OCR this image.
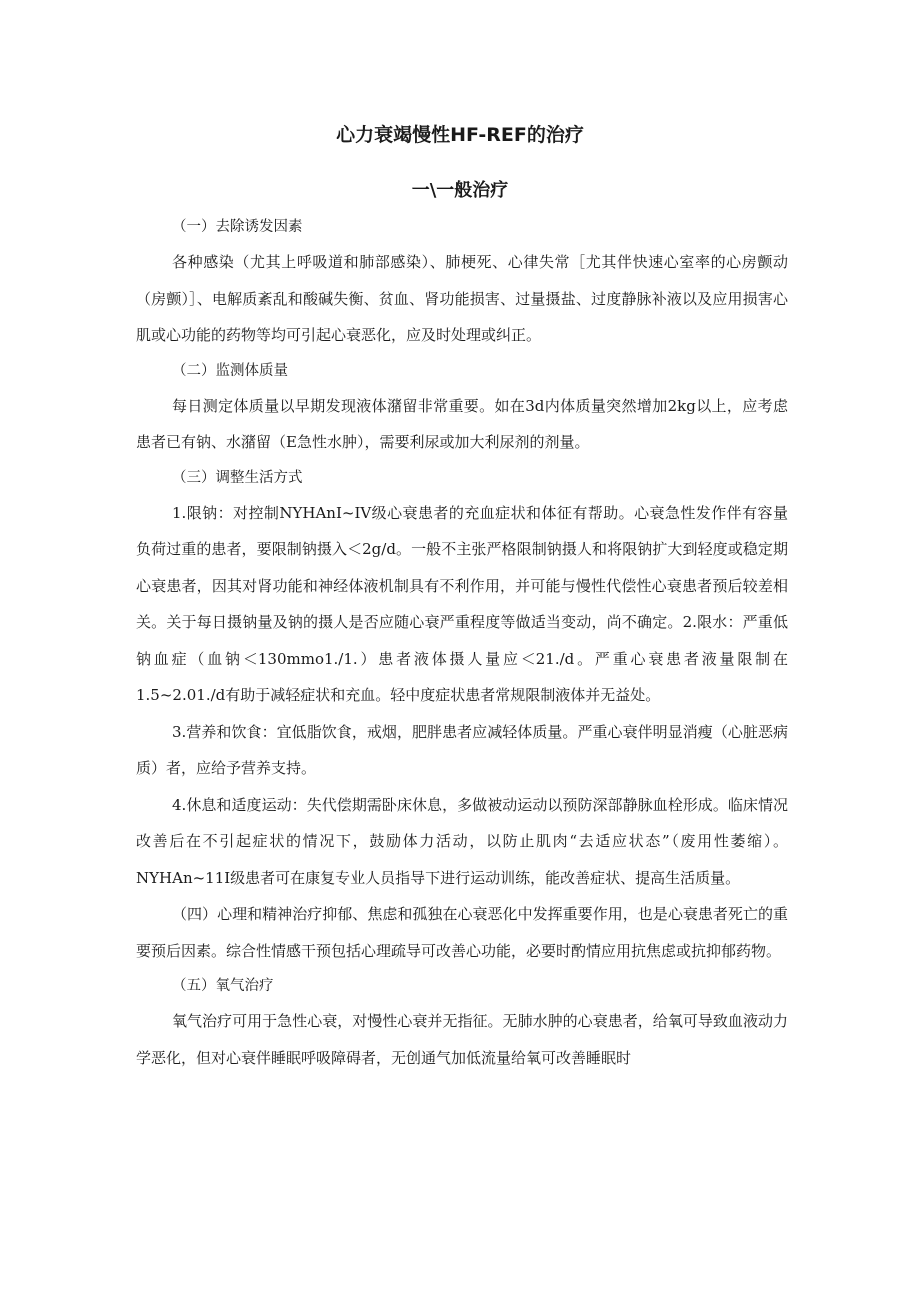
心力衰竭慢性HF-REF的治疗
一\一般治疗

（一）去除诱发因素

各种感染（尤其上呼吸道和肺部感染）、肺梗死、心律失常［尤其伴快速心室率的心房颤动（房颤）］、电解质紊乱和酸碱失衡、贫血、肾功能损害、过量摄盐、过度静脉补液以及应用损害心肌或心功能的药物等均可引起心衰恶化，应及时处理或纠正。

（二）监测体质量

每日测定体质量以早期发现液体潴留非常重要。如在3d内体质量突然增加2kg以上，应考虑患者已有钠、水潴留（E急性水肿），需要利尿或加大利尿剂的剂量。

（三）调整生活方式

1.限钠：对控制NYHAnI~IV级心衰患者的充血症状和体征有帮助。心衰急性发作伴有容量负荷过重的患者，要限制钠摄入＜2g/d。一般不主张严格限制钠摄人和将限钠扩大到轻度或稳定期心衰患者，因其对肾功能和神经体液机制具有不利作用，并可能与慢性代偿性心衰患者预后较差相关。关于每日摄钠量及钠的摄人是否应随心衰严重程度等做适当变动，尚不确定。2.限水：严重低钠血症（血钠＜130mmo1./1.）患者液体摄人量应＜21./d。严重心衰患者液量限制在1.5~2.01./d有助于减轻症状和充血。轻中度症状患者常规限制液体并无益处。

3.营养和饮食：宜低脂饮食，戒烟，肥胖患者应减轻体质量。严重心衰伴明显消瘦（心脏恶病质）者，应给予营养支持。

4.休息和适度运动：失代偿期需卧床休息，多做被动运动以预防深部静脉血栓形成。临床情况改善后在不引起症状的情况下，鼓励体力活动，以防止肌肉“去适应状态”（废用性萎缩）。NYHAn~11I级患者可在康复专业人员指导下进行运动训练，能改善症状、提高生活质量。

（四）心理和精神治疗抑郁、焦虑和孤独在心衰恶化中发挥重要作用，也是心衰患者死亡的重要预后因素。综合性情感干预包括心理疏导可改善心功能，必要时酌情应用抗焦虑或抗抑郁药物。

（五）氧气治疗

氧气治疗可用于急性心衰，对慢性心衰并无指征。无肺水肿的心衰患者，给氧可导致血液动力学恶化，但对心衰伴睡眠呼吸障碍者，无创通气加低流量给氧可改善睡眠时
